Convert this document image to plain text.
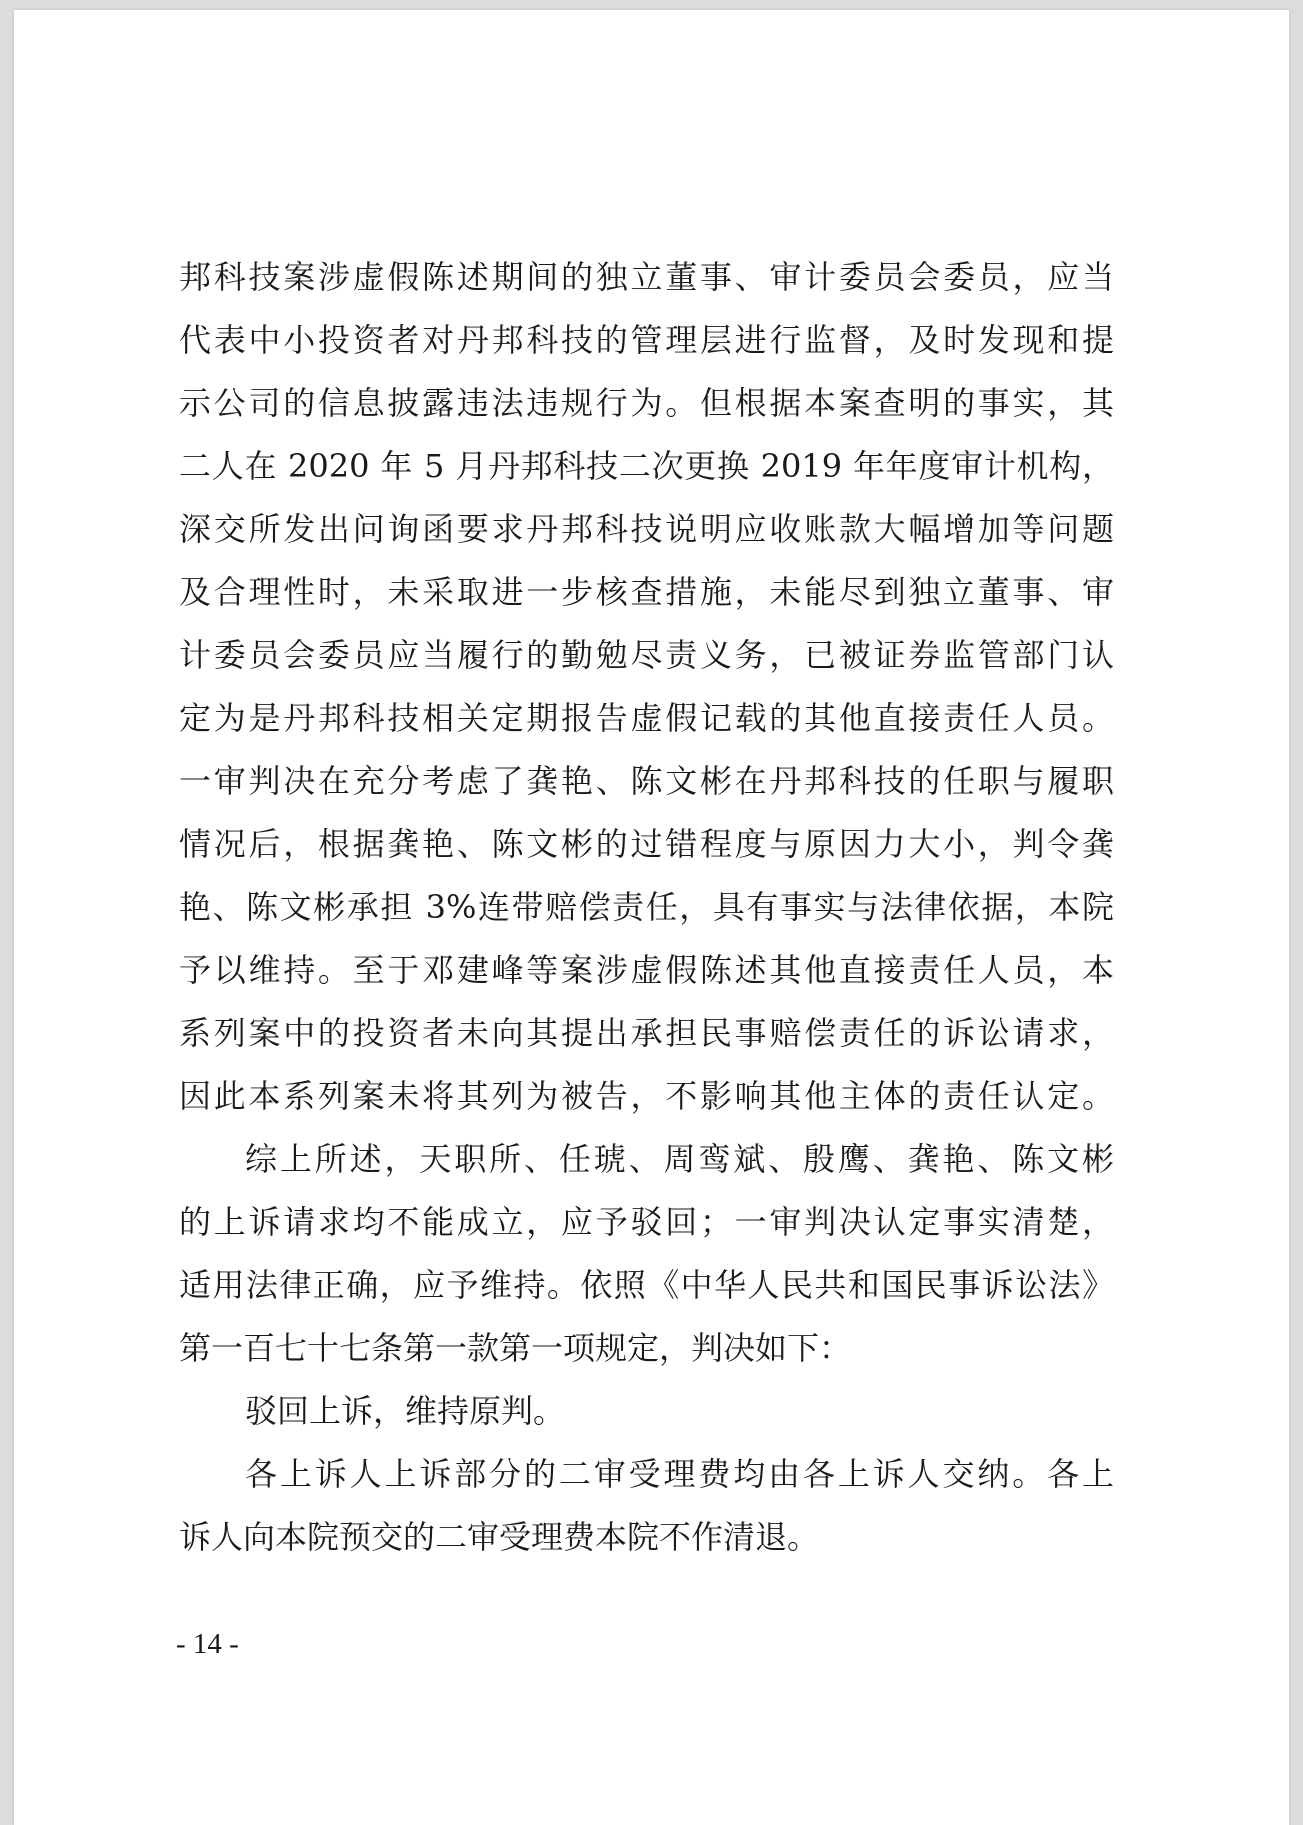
邦科技案涉虚假陈述期间的独立董事、审计委员会委员，应当

代表中小投资者对丹邦科技的管理层进行监督，及时发现和提

示公司的信息披露违法违规行为。但根据本案查明的事实，其

二人在 2020 年 5 月丹邦科技二次更换 2019 年年度审计机构，

深交所发出问询函要求丹邦科技说明应收账款大幅增加等问题

及合理性时，未采取进一步核查措施，未能尽到独立董事、审

计委员会委员应当履行的勤勉尽责义务，已被证券监管部门认

定为是丹邦科技相关定期报告虚假记载的其他直接责任人员。

一审判决在充分考虑了龚艳、陈文彬在丹邦科技的任职与履职

情况后，根据龚艳、陈文彬的过错程度与原因力大小，判令龚

艳、陈文彬承担 3%连带赔偿责任，具有事实与法律依据，本院

予以维持。至于邓建峰等案涉虚假陈述其他直接责任人员，本

系列案中的投资者未向其提出承担民事赔偿责任的诉讼请求，

因此本系列案未将其列为被告，不影响其他主体的责任认定。

综上所述，天职所、任琥、周鸾斌、殷鹰、龚艳、陈文彬

的上诉请求均不能成立，应予驳回；一审判决认定事实清楚，

适用法律正确，应予维持。依照《中华人民共和国民事诉讼法》

第一百七十七条第一款第一项规定，判决如下：

驳回上诉，维持原判。

各上诉人上诉部分的二审受理费均由各上诉人交纳。各上

诉人向本院预交的二审受理费本院不作清退。

- 14 -
